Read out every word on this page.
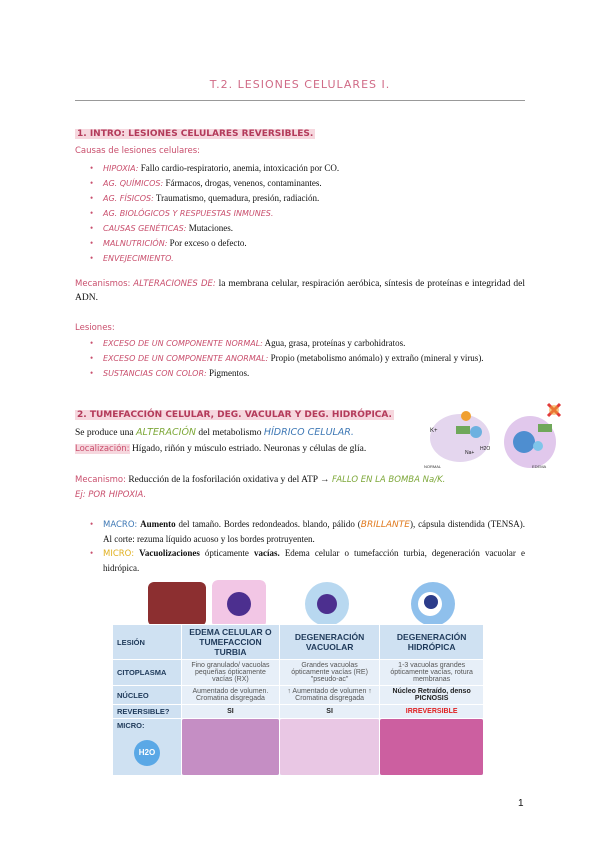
T.2. LESIONES CELULARES I.
1. INTRO: LESIONES CELULARES REVERSIBLES.
Causas de lesiones celulares:
• HIPOXIA: Fallo cardio-respiratorio, anemia, intoxicación por CO.
• AG. QUÍMICOS: Fármacos, drogas, venenos, contaminantes.
• AG. FÍSICOS: Traumatismo, quemadura, presión, radiación.
• AG. BIOLÓGICOS Y RESPUESTAS INMUNES.
• CAUSAS GENÉTICAS: Mutaciones.
• MALNUTRICIÓN: Por exceso o defecto.
• ENVEJECIMIENTO.
Mecanismos: ALTERACIONES DE: la membrana celular, respiración aeróbica, síntesis de proteínas e integridad del ADN.
Lesiones:
• EXCESO DE UN COMPONENTE NORMAL: Agua, grasa, proteínas y carbohidratos.
• EXCESO DE UN COMPONENTE ANORMAL: Propio (metabolismo anómalo) y extraño (mineral y virus).
• SUSTANCIAS CON COLOR: Pigmentos.
2. TUMEFACCIÓN CELULAR, DEG. VACULAR Y DEG. HIDRÓPICA.
Se produce una ALTERACIÓN del metabolismo HÍDRICO CELULAR.
Localización: Hígado, riñón y músculo estriado. Neuronas y células de glía.
Mecanismo: Reducción de la fosforilación oxidativa y del ATP → FALLO EN LA BOMBA Na/K.
Ej: POR HIPOXIA.
K+
Na+
H2O
NORMAL	EDEMA
• MACRO: Aumento del tamaño. Bordes redondeados. blando, pálido (BRILLANTE), cápsula distendida (TENSA). Al corte: rezuma líquido acuoso y los bordes protruyenten.
• MICRO: Vacuolizaciones ópticamente vacías. Edema celular o tumefacción turbia, degeneración vacuolar e hidrópica.
LESIÓN	EDEMA CELULAR O TUMEFACCION TURBIA	DEGENERACIÓN VACUOLAR	DEGENERACIÓN HIDRÓPICA
CITOPLASMA	Fino granulado/ vacuolas pequeñas ópticamente vacías (RX)	Grandes vacuolas ópticamente vacías (RE) "pseudo-ac"	1-3 vacuolas grandes ópticamente vacías, rotura membranas
NÚCLEO	Aumentado de volumen. Cromatina disgregada	↑ Aumentado de volumen ↑ Cromatina disgregada	Núcleo Retraído, denso PICNOSIS
REVERSIBLE?	SI	SI	IRREVERSIBLE

MICRO:
H2O			

1
